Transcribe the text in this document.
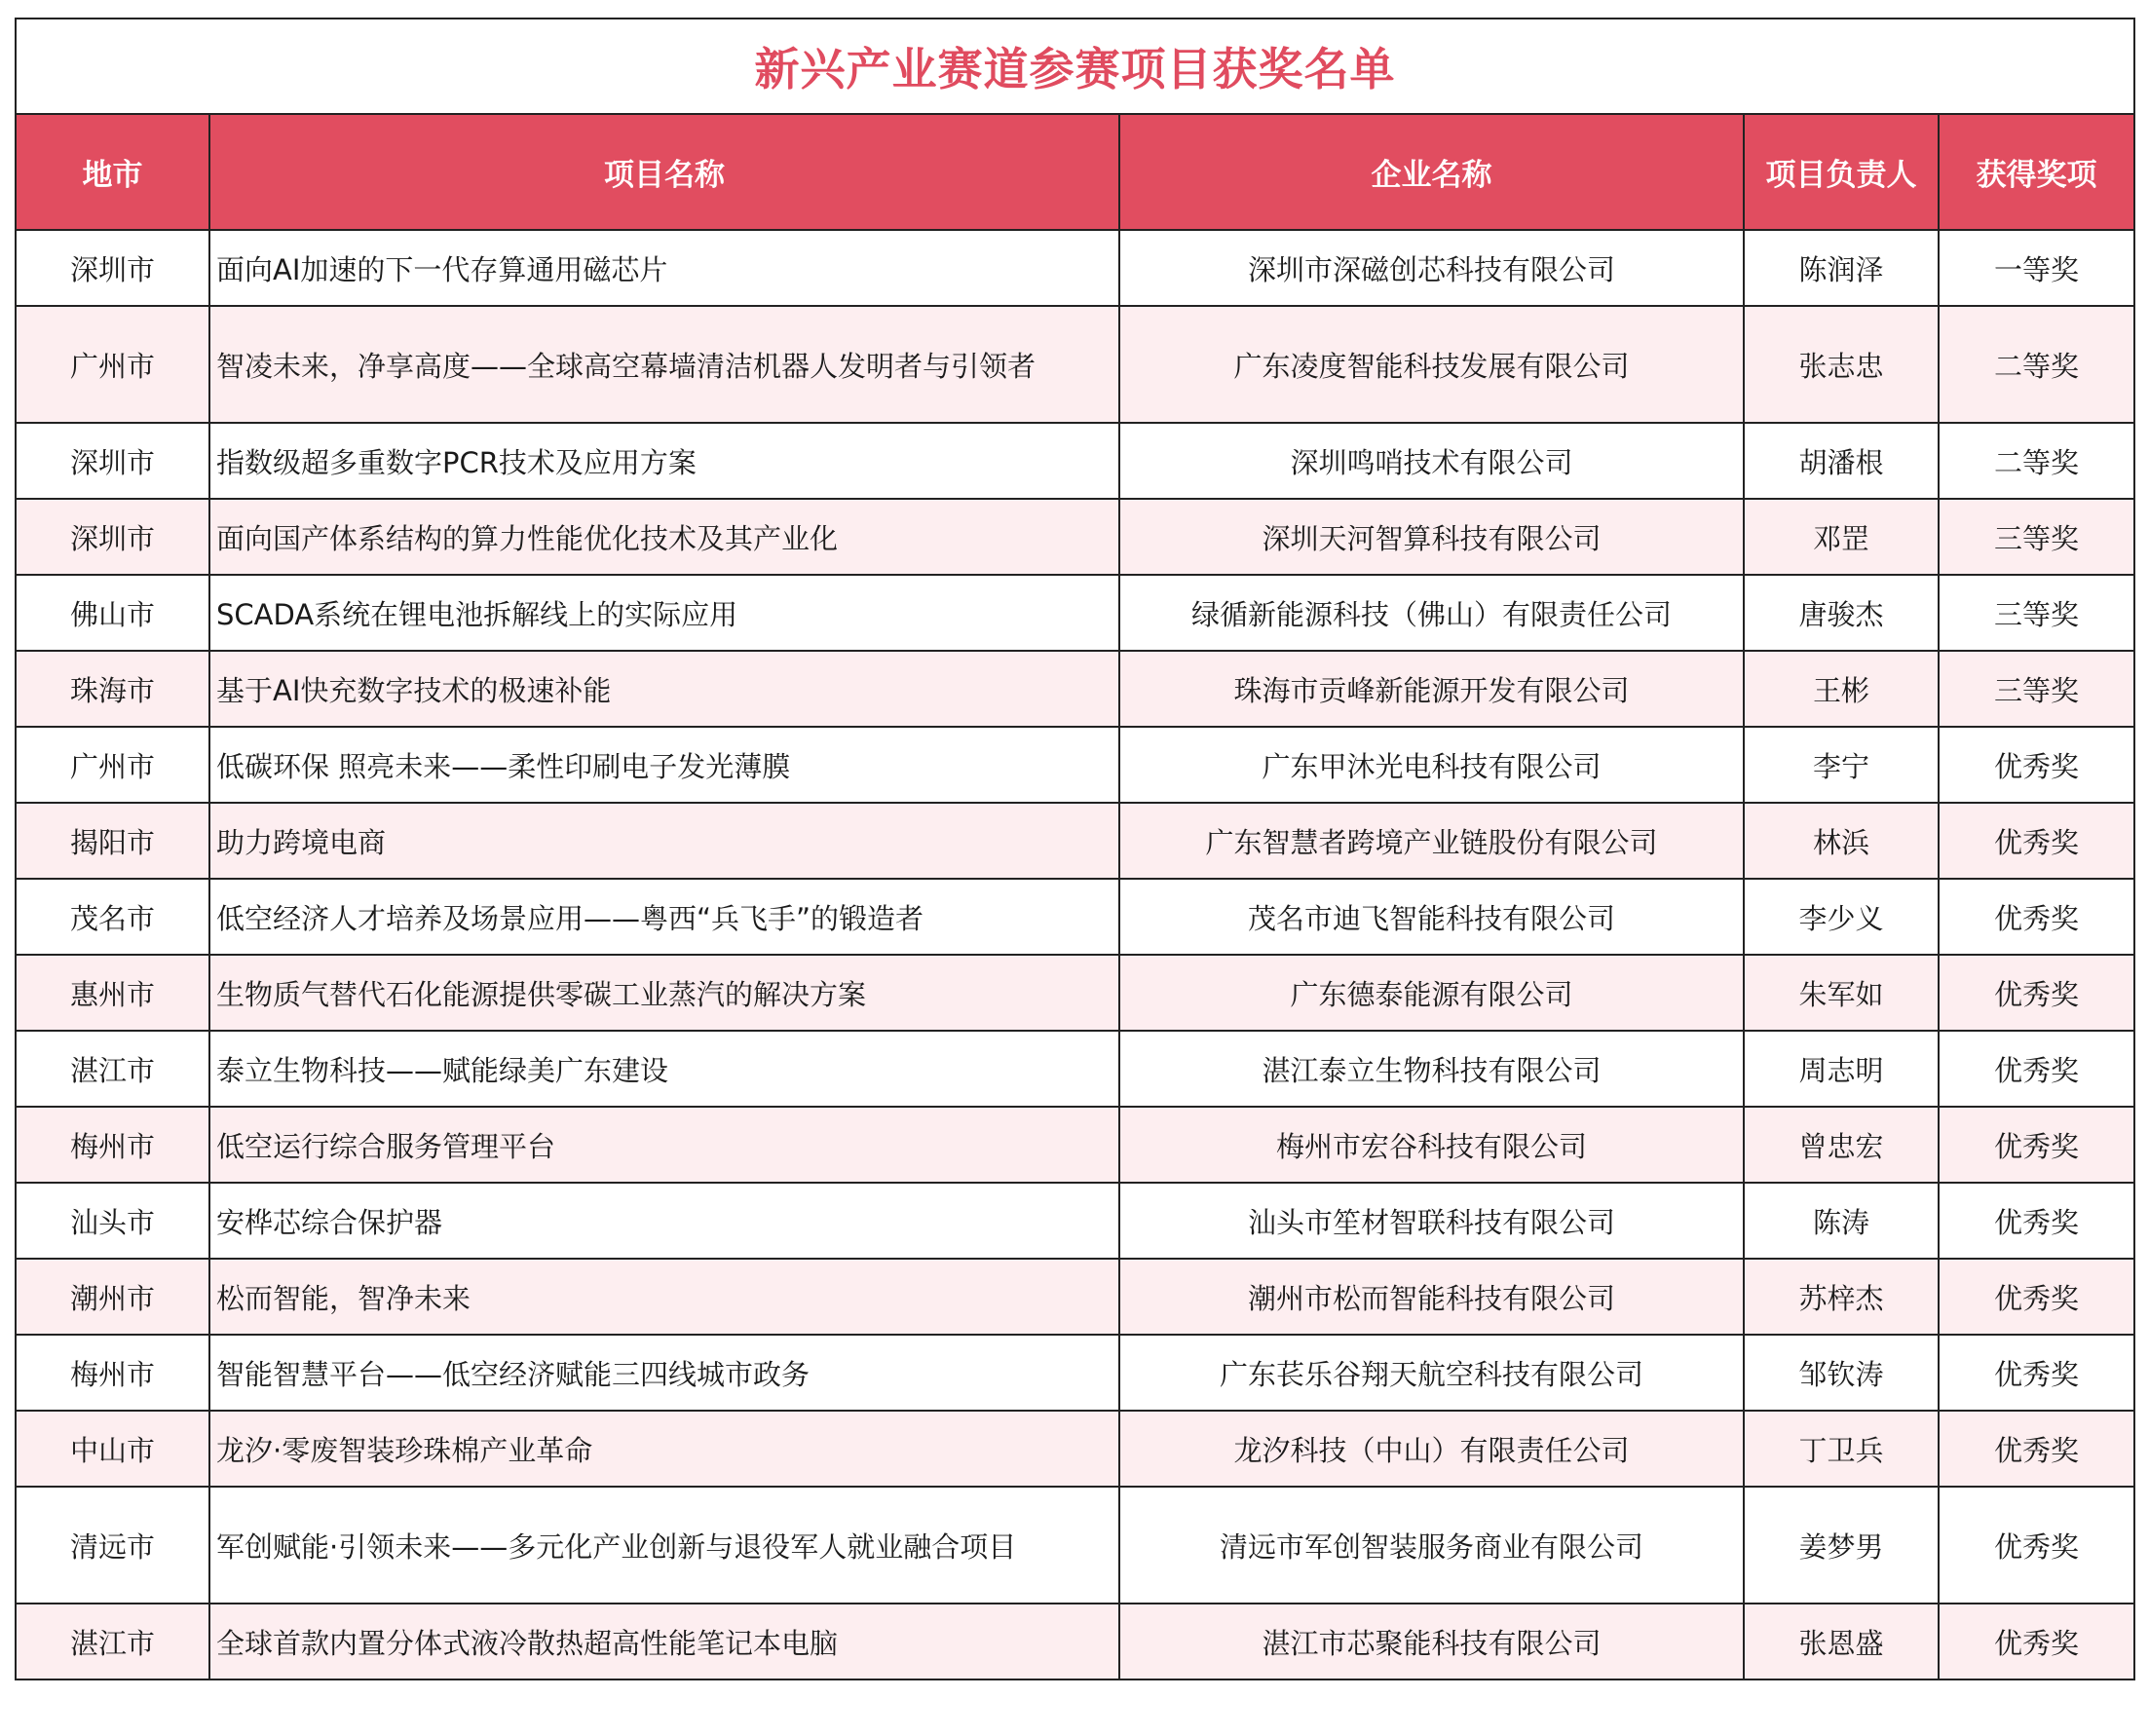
新兴产业赛道参赛项目获奖名单				
地市	项目名称	企业名称	项目负责人	获得奖项
深圳市	面向AI加速的下一代存算通用磁芯片	深圳市深磁创芯科技有限公司	陈润泽	一等奖
广州市	智凌未来，净享高度——全球高空幕墙清洁机器人发明者与引领者	广东凌度智能科技发展有限公司	张志忠	二等奖
深圳市	指数级超多重数字PCR技术及应用方案	深圳鸣哨技术有限公司	胡潘根	二等奖
深圳市	面向国产体系结构的算力性能优化技术及其产业化	深圳天河智算科技有限公司	邓罡	三等奖
佛山市	SCADA系统在锂电池拆解线上的实际应用	绿循新能源科技（佛山）有限责任公司	唐骏杰	三等奖
珠海市	基于AI快充数字技术的极速补能	珠海市贡峰新能源开发有限公司	王彬	三等奖
广州市	低碳环保 照亮未来——柔性印刷电子发光薄膜	广东甲沐光电科技有限公司	李宁	优秀奖
揭阳市	助力跨境电商	广东智慧者跨境产业链股份有限公司	林浜	优秀奖
茂名市	低空经济人才培养及场景应用——粤西“兵飞手”的锻造者	茂名市迪飞智能科技有限公司	李少义	优秀奖
惠州市	生物质气替代石化能源提供零碳工业蒸汽的解决方案	广东德泰能源有限公司	朱军如	优秀奖
湛江市	泰立生物科技——赋能绿美广东建设	湛江泰立生物科技有限公司	周志明	优秀奖
梅州市	低空运行综合服务管理平台	梅州市宏谷科技有限公司	曾忠宏	优秀奖
汕头市	安桦芯综合保护器	汕头市笙材智联科技有限公司	陈涛	优秀奖
潮州市	松而智能，智净未来	潮州市松而智能科技有限公司	苏梓杰	优秀奖
梅州市	智能智慧平台——低空经济赋能三四线城市政务	广东苌乐谷翔天航空科技有限公司	邹钦涛	优秀奖
中山市	龙汐·零废智装珍珠棉产业革命	龙汐科技（中山）有限责任公司	丁卫兵	优秀奖
清远市	军创赋能·引领未来——多元化产业创新与退役军人就业融合项目	清远市军创智装服务商业有限公司	姜梦男	优秀奖
湛江市	全球首款内置分体式液冷散热超高性能笔记本电脑	湛江市芯聚能科技有限公司	张恩盛	优秀奖
